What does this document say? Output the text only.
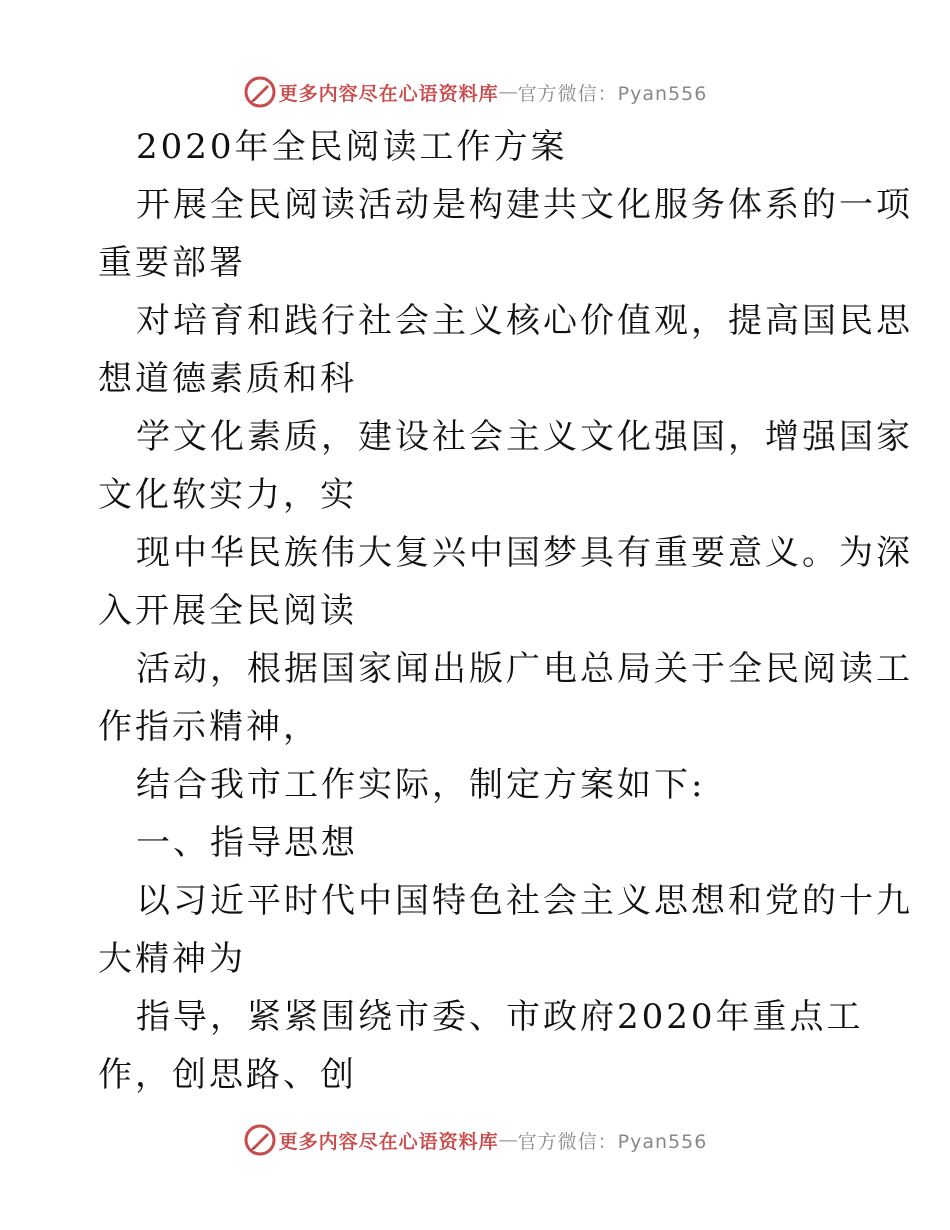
更多内容尽在心语资料库 — 官方微信：Pyan556
2020年全民阅读工作方案
开展全民阅读活动是构建共文化服务体系的一项
重要部署
对培育和践行社会主义核心价值观，提高国民思
想道德素质和科
学文化素质，建设社会主义文化强国，增强国家
文化软实力，实
现中华民族伟大复兴中国梦具有重要意义。为深
入开展全民阅读
活动，根据国家闻出版广电总局关于全民阅读工
作指示精神，
结合我市工作实际，制定方案如下:
一、指导思想
以习近平时代中国特色社会主义思想和党的十九
大精神为
指导，紧紧围绕市委、市政府2020年重点工
作，创思路、创
更多内容尽在心语资料库 — 官方微信：Pyan556
